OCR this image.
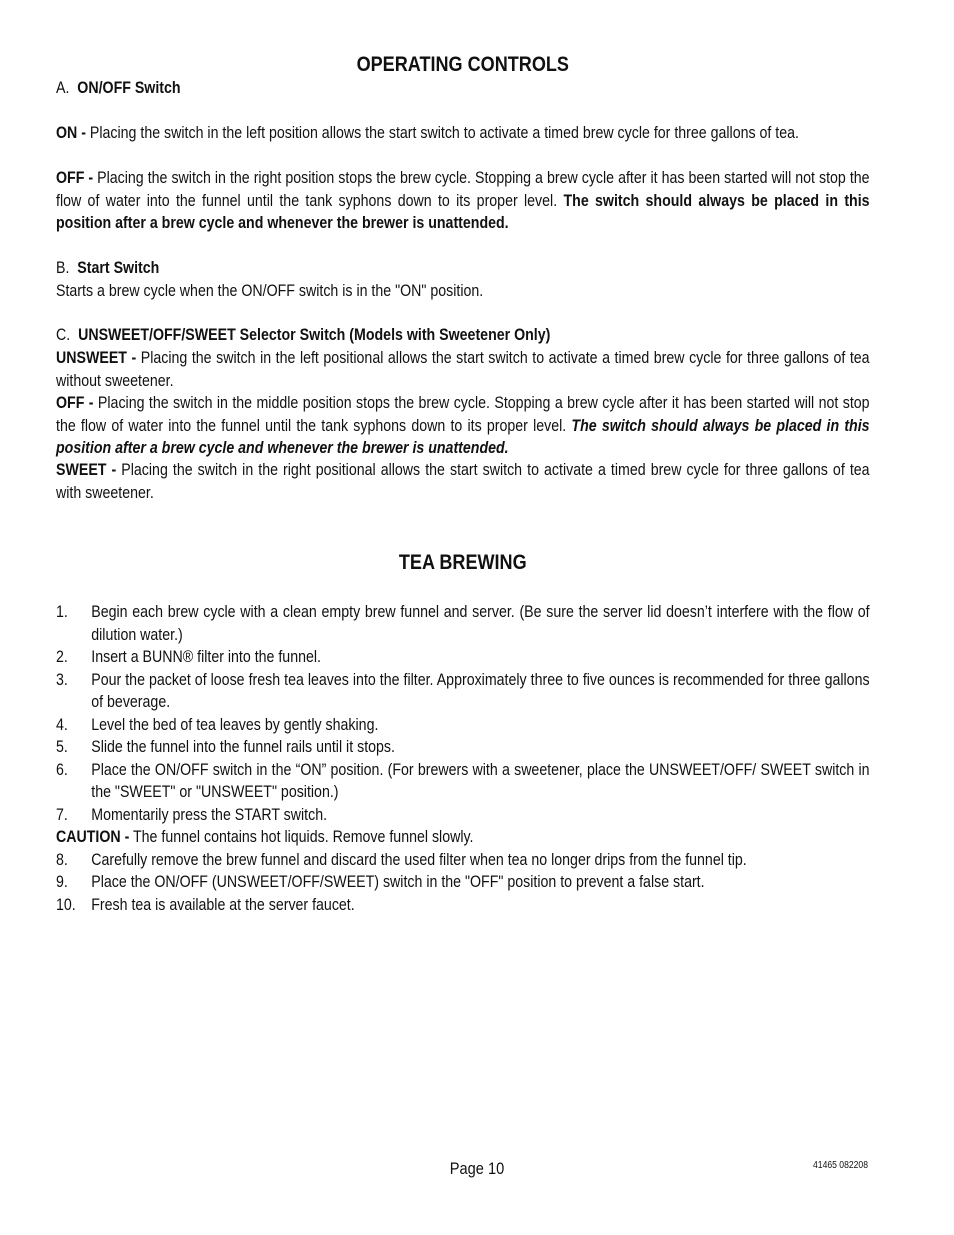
OPERATING CONTROLS
A. ON/OFF Switch
ON - Placing the switch in the left position allows the start switch to activate a timed brew cycle for three gallons of tea.
OFF - Placing the switch in the right position stops the brew cycle. Stopping a brew cycle after it has been started will not stop the flow of water into the funnel until the tank syphons down to its proper level. The switch should always be placed in this position after a brew cycle and whenever the brewer is unattended.
B. Start Switch
Starts a brew cycle when the ON/OFF switch is in the "ON" position.
C. UNSWEET/OFF/SWEET Selector Switch (Models with Sweetener Only)
UNSWEET - Placing the switch in the left positional allows the start switch to activate a timed brew cycle for three gallons of tea without sweetener.
OFF - Placing the switch in the middle position stops the brew cycle. Stopping a brew cycle after it has been started will not stop the flow of water into the funnel until the tank syphons down to its proper level. The switch should always be placed in this position after a brew cycle and whenever the brewer is unattended.
SWEET - Placing the switch in the right positional allows the start switch to activate a timed brew cycle for three gallons of tea with sweetener.
TEA BREWING
1. Begin each brew cycle with a clean empty brew funnel and server. (Be sure the server lid doesn’t interfere with the flow of dilution water.)
2. Insert a BUNN® filter into the funnel.
3. Pour the packet of loose fresh tea leaves into the filter. Approximately three to five ounces is recommended for three gallons of beverage.
4. Level the bed of tea leaves by gently shaking.
5. Slide the funnel into the funnel rails until it stops.
6. Place the ON/OFF switch in the “ON” position. (For brewers with a sweetener, place the UNSWEET/OFF/ SWEET switch in the "SWEET" or "UNSWEET" position.)
7. Momentarily press the START switch.
CAUTION - The funnel contains hot liquids. Remove funnel slowly.
8. Carefully remove the brew funnel and discard the used filter when tea no longer drips from the funnel tip.
9. Place the ON/OFF (UNSWEET/OFF/SWEET) switch in the "OFF" position to prevent a false start.
10. Fresh tea is available at the server faucet.
Page 10	41465 082208
